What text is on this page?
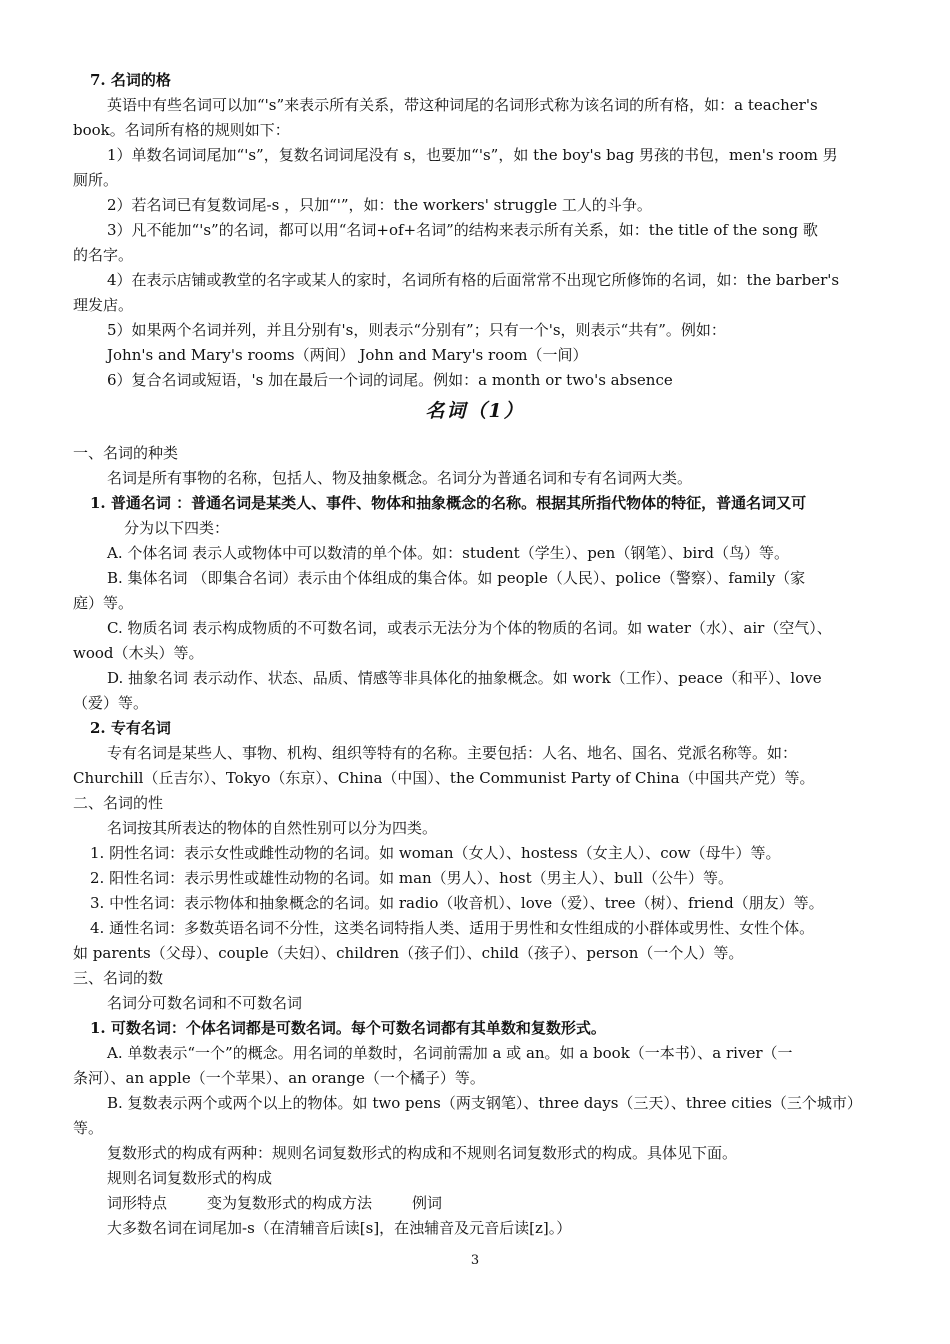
7. 名词的格
英语中有些名词可以加“'s”来表示所有关系，带这种词尾的名词形式称为该名词的所有格，如：a teacher's
book。名词所有格的规则如下：
1）单数名词词尾加“'s”，复数名词词尾没有 s，也要加“'s”，如 the boy's bag 男孩的书包，men's room 男
厕所。
2）若名词已有复数词尾-s ，只加“'”，如：the workers' struggle 工人的斗争。
3）凡不能加“'s”的名词，都可以用“名词+of+名词”的结构来表示所有关系，如：the title of the song 歌
的名字。
4）在表示店铺或教堂的名字或某人的家时，名词所有格的后面常常不出现它所修饰的名词，如：the barber's
理发店。
5）如果两个名词并列，并且分别有's，则表示“分别有”；只有一个's，则表示“共有”。例如：
John's and Mary's rooms（两间） John and Mary's room（一间）
6）复合名词或短语，'s 加在最后一个词的词尾。例如：a month or two's absence
名词（1）
一、名词的种类
名词是所有事物的名称，包括人、物及抽象概念。名词分为普通名词和专有名词两大类。
1. 普通名词 ：普通名词是某类人、事件、物体和抽象概念的名称。根据其所指代物体的特征，普通名词又可
分为以下四类：
A. 个体名词 表示人或物体中可以数清的单个体。如：student（学生）、pen（钢笔）、bird（鸟）等。
B. 集体名词 （即集合名词）表示由个体组成的集合体。如 people（人民）、police（警察）、family（家
庭）等。
C. 物质名词 表示构成物质的不可数名词，或表示无法分为个体的物质的名词。如 water（水）、air（空气）、
wood（木头）等。
D. 抽象名词 表示动作、状态、品质、情感等非具体化的抽象概念。如 work（工作）、peace（和平）、love
（爱）等。
2. 专有名词
专有名词是某些人、事物、机构、组织等特有的名称。主要包括：人名、地名、国名、党派名称等。如：
Churchill（丘吉尔）、Tokyo（东京）、China（中国）、the Communist Party of China（中国共产党）等。
二、名词的性
名词按其所表达的物体的自然性别可以分为四类。
1. 阴性名词：表示女性或雌性动物的名词。如 woman（女人）、hostess（女主人）、cow（母牛）等。
2. 阳性名词：表示男性或雄性动物的名词。如 man（男人）、host（男主人）、bull（公牛）等。
3. 中性名词：表示物体和抽象概念的名词。如 radio（收音机）、love（爱）、tree（树）、friend（朋友）等。
4. 通性名词：多数英语名词不分性，这类名词特指人类、适用于男性和女性组成的小群体或男性、女性个体。
如 parents（父母）、couple（夫妇）、children（孩子们）、child（孩子）、person（一个人）等。
三、名词的数
名词分可数名词和不可数名词
1. 可数名词：个体名词都是可数名词。每个可数名词都有其单数和复数形式。
A. 单数表示“一个”的概念。用名词的单数时，名词前需加 a 或 an。如 a book（一本书）、a river（一
条河）、an apple（一个苹果）、an orange（一个橘子）等。
B. 复数表示两个或两个以上的物体。如 two pens（两支钢笔）、three days（三天）、three cities（三个城市）
等。
复数形式的构成有两种：规则名词复数形式的构成和不规则名词复数形式的构成。具体见下面。
规则名词复数形式的构成
词形特点	变为复数形式的构成方法	例词
大多数名词在词尾加-s（在清辅音后读[s]，在浊辅音及元音后读[z]。）
3
